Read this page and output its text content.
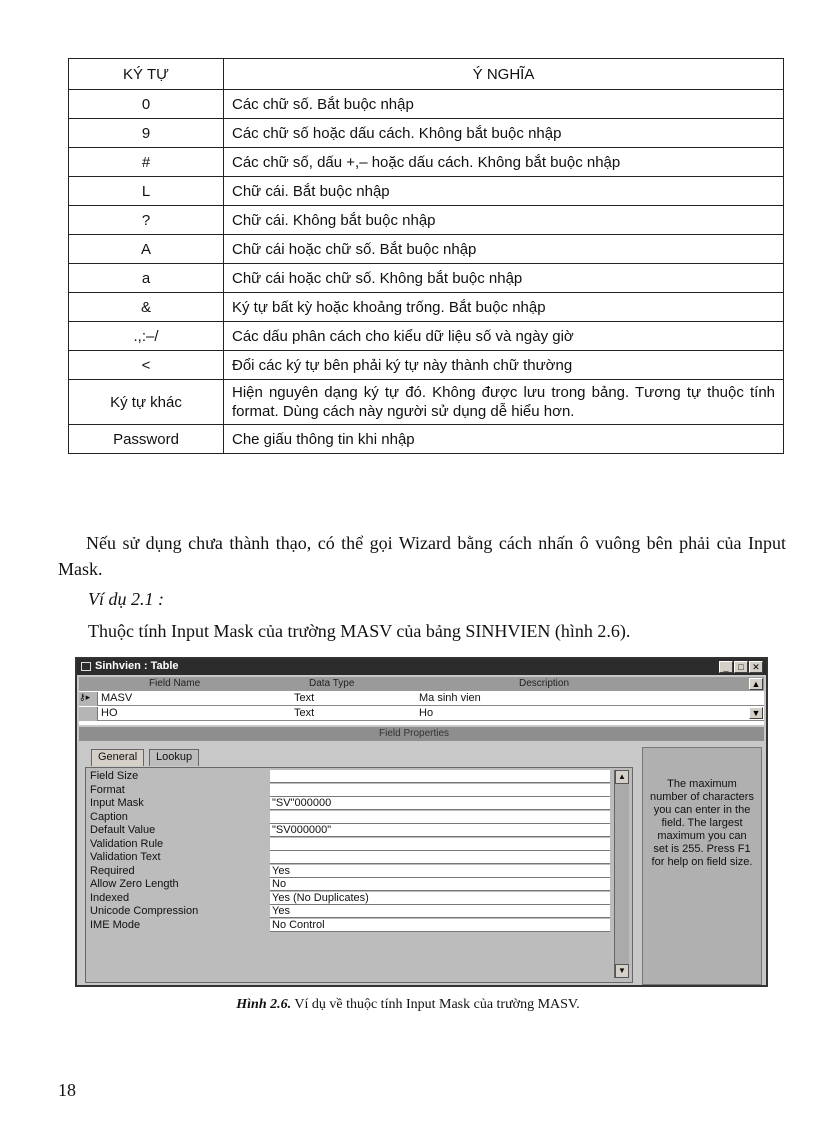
KÝ TỰ	Ý NGHĨA
0	Các chữ số. Bắt buộc nhập
9	Các chữ số hoặc dấu cách. Không bắt buộc nhập
#	Các chữ số, dấu +,– hoặc dấu cách. Không bắt buộc nhập
L	Chữ cái. Bắt buộc nhập
?	Chữ cái. Không bắt buộc nhập
A	Chữ cái hoặc chữ số. Bắt buộc nhập
a	Chữ cái hoặc chữ số. Không bắt buộc nhập
&	Ký tự bất kỳ hoặc khoảng trống. Bắt buộc nhập
.,:–/	Các dấu phân cách cho kiểu dữ liệu số và ngày giờ
<	Đổi các ký tự bên phải ký tự này thành chữ thường
Ký tự khác	Hiện nguyên dạng ký tự đó. Không được lưu trong bảng. Tương tự thuộc tính format. Dùng cách này người sử dụng dễ hiểu hơn.
Password	Che giấu thông tin khi nhập

Nếu sử dụng chưa thành thạo, có thể gọi Wizard bằng cách nhấn ô vuông bên phải của Input Mask.

Ví dụ 2.1 :

Thuộc tính Input Mask của trường MASV của bảng SINHVIEN (hình 2.6).

Sinhvien : Table	_	□ ✕
Field Name	Data Type	Description
⚷▸ MASV	Text	Ma sinh vien
HO	Text	Ho
▲
▼
Field Properties
General	Lookup
Field Size
Format
Input Mask	"SV"000000
Caption
Default Value	"SV000000"
Validation Rule
Validation Text
Required	Yes
Allow Zero Length	No
Indexed	Yes (No Duplicates)
Unicode Compression	Yes
IME Mode	No Control
▲
▼

The maximum number of characters you can enter in the field. The largest maximum you can set is 255. Press F1 for help on field size.

Hình 2.6. Ví dụ về thuộc tính Input Mask của trường MASV.
18
